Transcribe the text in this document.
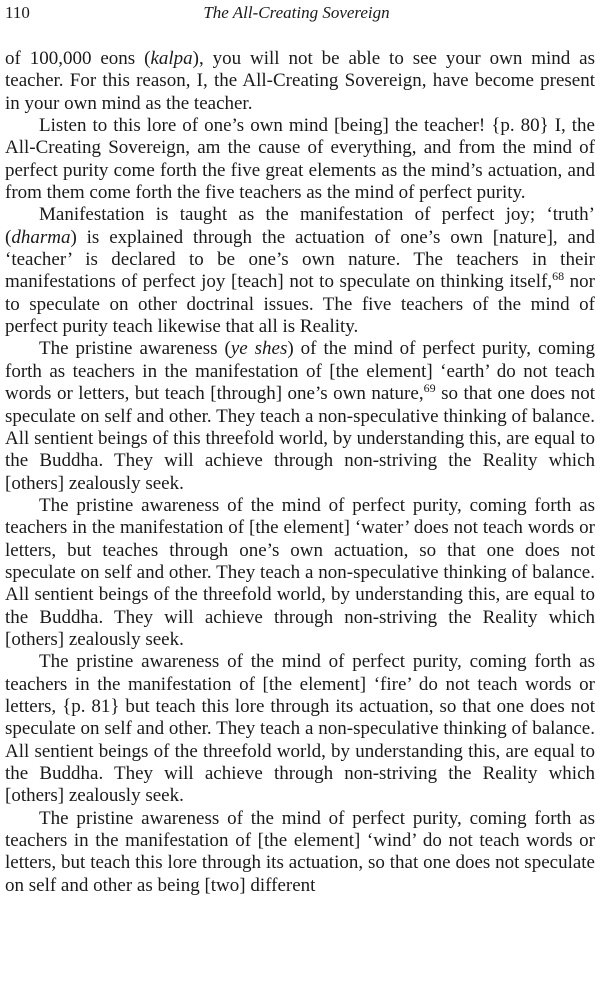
110	The All-Creating Sovereign

of 100,000 eons (kalpa), you will not be able to see your own mind as teacher. For this reason, I, the All-Creating Sovereign, have become present in your own mind as the teacher.

Listen to this lore of one’s own mind [being] the teacher! {p. 80} I, the All-Creating Sovereign, am the cause of everything, and from the mind of perfect purity come forth the five great elements as the mind’s actuation, and from them come forth the five teachers as the mind of perfect purity.

Manifestation is taught as the manifestation of perfect joy; ‘truth’ (dharma) is explained through the actuation of one’s own [nature], and ‘teacher’ is declared to be one’s own nature. The teachers in their manifestations of perfect joy [teach] not to speculate on thinking itself,$^{68}$ nor to speculate on other doctrinal issues. The five teachers of the mind of perfect purity teach likewise that all is Reality.

The pristine awareness (ye shes) of the mind of perfect purity, coming forth as teachers in the manifestation of [the element] ‘earth’ do not teach words or letters, but teach [through] one’s own nature,$^{69}$ so that one does not speculate on self and other. They teach a non-speculative thinking of balance. All sentient beings of this threefold world, by understanding this, are equal to the Buddha. They will achieve through non-striving the Reality which [others] zealously seek.

The pristine awareness of the mind of perfect purity, coming forth as teachers in the manifestation of [the element] ‘water’ does not teach words or letters, but teaches through one’s own actuation, so that one does not speculate on self and other. They teach a non-speculative thinking of balance. All sentient beings of the threefold world, by understanding this, are equal to the Buddha. They will achieve through non-striving the Reality which [others] zealously seek.

The pristine awareness of the mind of perfect purity, coming forth as teachers in the manifestation of [the element] ‘fire’ do not teach words or letters, {p. 81} but teach this lore through its actuation, so that one does not speculate on self and other. They teach a non-speculative thinking of balance. All sentient beings of the threefold world, by understanding this, are equal to the Buddha. They will achieve through non-striving the Reality which [others] zealously seek.

The pristine awareness of the mind of perfect purity, coming forth as teachers in the manifestation of [the element] ‘wind’ do not teach words or letters, but teach this lore through its actuation, so that one does not speculate on self and other as being [two] different
